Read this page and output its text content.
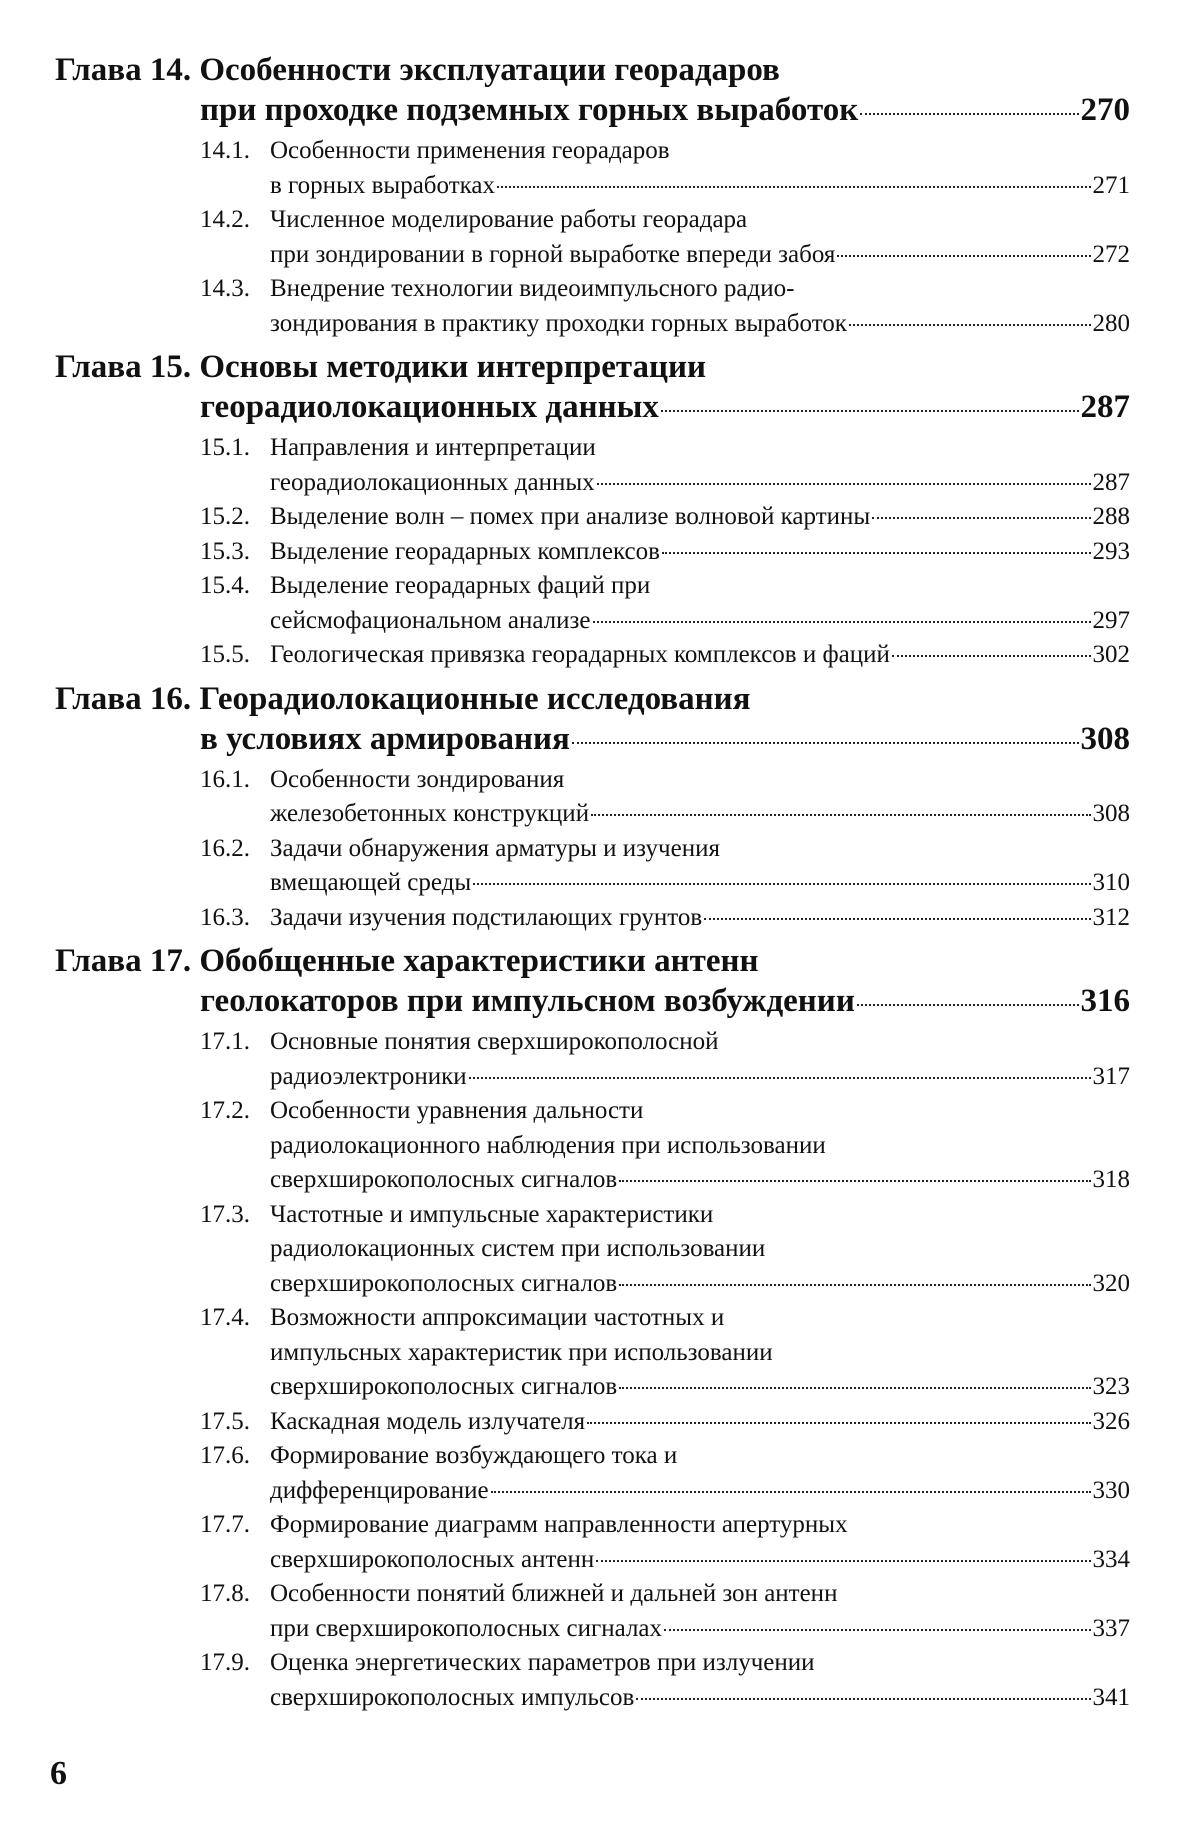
Глава 14. Особенности эксплуатации георадаров
при проходке подземных горных выработок	270
14.1. Особенности применения георадаров
в горных выработках	271
14.2. Численное моделирование работы георадара
при зондировании в горной выработке впереди забоя	272
14.3. Внедрение технологии видеоимпульсного радио-
зондирования в практику проходки горных выработок	280
Глава 15. Основы методики интерпретации
георадиолокационных данных	287
15.1. Направления и интерпретации
георадиолокационных данных	287
15.2. Выделение волн – помех при анализе волновой картины	288
15.3. Выделение георадарных комплексов	293
15.4. Выделение георадарных фаций при
сейсмофациональном анализе	297
15.5. Геологическая привязка георадарных комплексов и фаций	302
Глава 16. Георадиолокационные исследования
в условиях армирования	308
16.1. Особенности зондирования
железобетонных конструкций	308
16.2. Задачи обнаружения арматуры и изучения
вмещающей среды	310
16.3. Задачи изучения подстилающих грунтов	312
Глава 17. Обобщенные характеристики антенн
геолокаторов при импульсном возбуждении	316
17.1. Основные понятия сверхширокополосной
радиоэлектроники	317
17.2. Особенности уравнения дальности
радиолокационного наблюдения при использовании
сверхширокополосных сигналов	318
17.3. Частотные и импульсные характеристики
радиолокационных систем при использовании
сверхширокополосных сигналов	320
17.4. Возможности аппроксимации частотных и
импульсных характеристик при использовании
сверхширокополосных сигналов	323
17.5. Каскадная модель излучателя	326
17.6. Формирование возбуждающего тока и
дифференцирование	330
17.7. Формирование диаграмм направленности апертурных
сверхширокополосных антенн	334
17.8. Особенности понятий ближней и дальней зон антенн
при сверхширокополосных сигналах	337
17.9. Оценка энергетических параметров при излучении
сверхширокополосных импульсов	341
6
